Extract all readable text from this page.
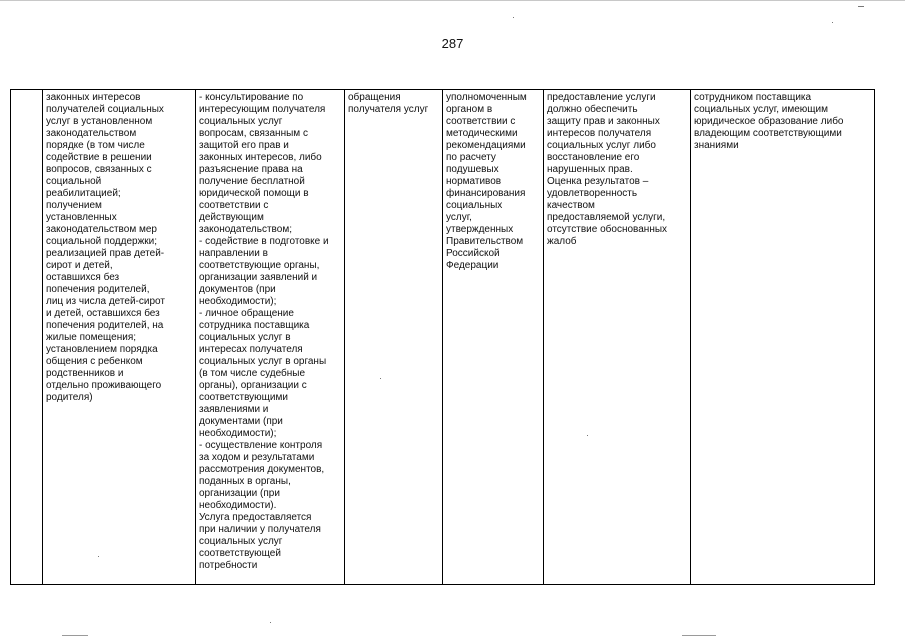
287
	законных интересов
получателей социальных
услуг в установленном
законодательством
порядке (в том числе
содействие в решении
вопросов, связанных с
социальной
реабилитацией;
получением
установленных
законодательством мер
социальной поддержки;
реализацией прав детей-
сирот и детей,
оставшихся без
попечения родителей,
лиц из числа детей-сирот
и детей, оставшихся без
попечения родителей, на
жилые помещения;
установлением порядка
общения с ребенком
родственников и
отдельно проживающего
родителя)	- консультирование по
интересующим получателя
социальных услуг
вопросам, связанным с
защитой его прав и
законных интересов, либо
разъяснение права на
получение бесплатной
юридической помощи в
соответствии с
действующим
законодательством;
- содействие в подготовке и
направлении в
соответствующие органы,
организации заявлений и
документов (при
необходимости);
- личное обращение
сотрудника поставщика
социальных услуг в
интересах получателя
социальных услуг в органы
(в том числе судебные
органы), организации с
соответствующими
заявлениями и
документами (при
необходимости);
- осуществление контроля
за ходом и результатами
рассмотрения документов,
поданных в органы,
организации (при
необходимости).
Услуга предоставляется
при наличии у получателя
социальных услуг
соответствующей
потребности	обращения
получателя услуг	уполномоченным
органом в
соответствии с
методическими
рекомендациями
по расчету
подушевых
нормативов
финансирования
социальных
услуг,
утвержденных
Правительством
Российской
Федерации	предоставление услуги
должно обеспечить
защиту прав и законных
интересов получателя
социальных услуг либо
восстановление его
нарушенных прав.
Оценка результатов –
удовлетворенность
качеством
предоставляемой услуги,
отсутствие обоснованных
жалоб	сотрудником поставщика
социальных услуг, имеющим
юридическое образование либо
владеющим соответствующими
знаниями
